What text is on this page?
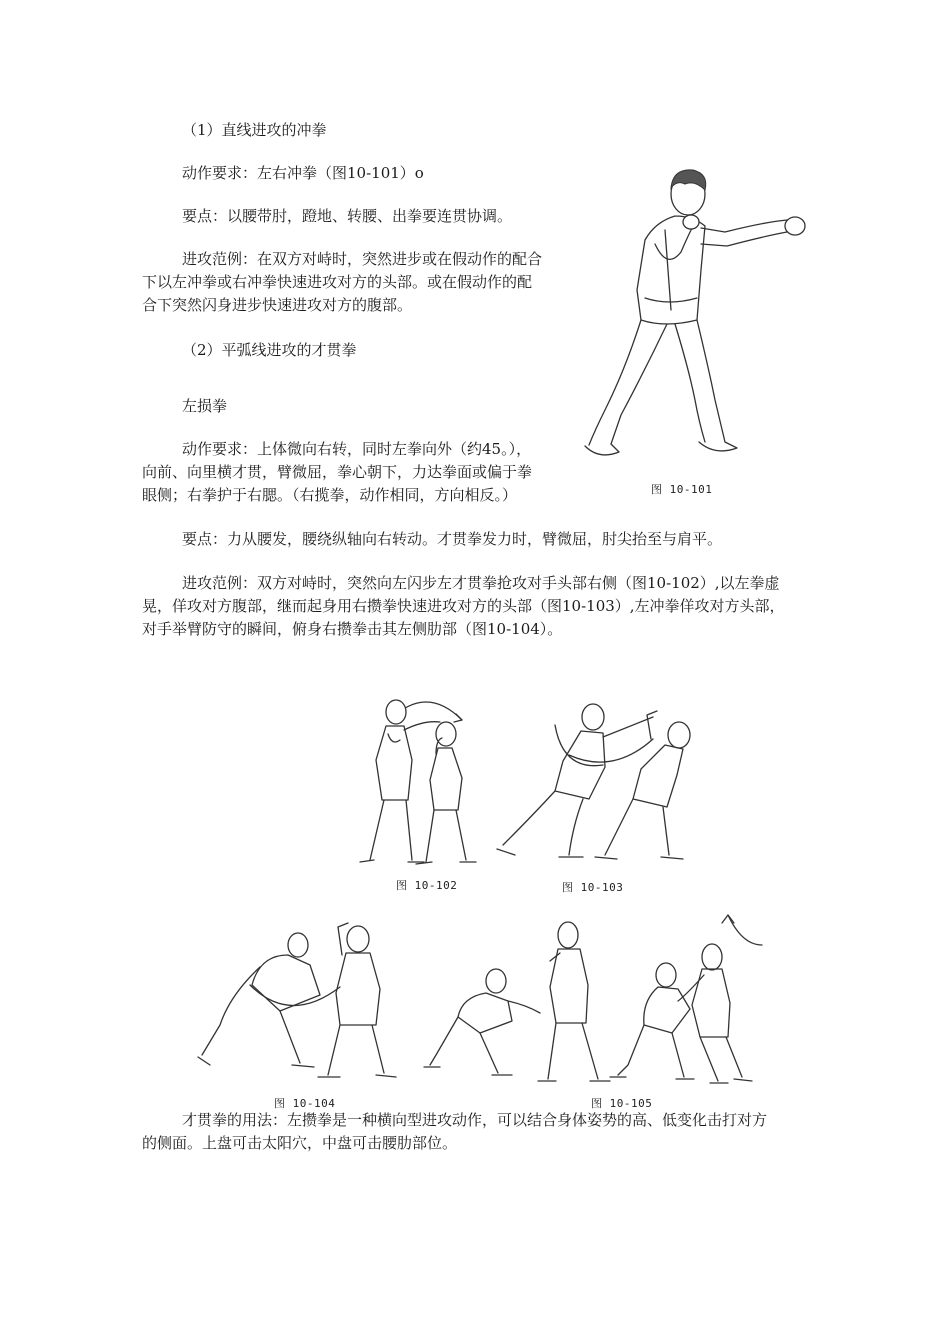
（1）直线进攻的冲拳

动作要求：左右冲拳（图10-101）o

要点：以腰带肘，蹬地、转腰、出拳要连贯协调。

进攻范例：在双方对峙时，突然进步或在假动作的配合

下以左冲拳或右冲拳快速进攻对方的头部。或在假动作的配

合下突然闪身进步快速进攻对方的腹部。

（2）平弧线进攻的才贯拳

左损拳

动作要求：上体微向右转，同时左拳向外（约45。），

向前、向里横才贯，臂微屈，拳心朝下，力达拳面或偏于拳

眼侧；右拳护于右腮。（右揽拳，动作相同，方向相反。）

要点：力从腰发，腰绕纵轴向右转动。才贯拳发力时，臂微屈，肘尖抬至与肩平。

进攻范例：双方对峙时，突然向左闪步左才贯拳抢攻对手头部右侧（图10-102）,以左拳虚

晃，佯攻对方腹部，继而起身用右攒拳快速进攻对方的头部（图10-103）,左冲拳佯攻对方头部，

对手举臂防守的瞬间，俯身右攒拳击其左侧肋部（图10-104）。

才贯拳的用法：左攒拳是一种横向型进攻动作，可以结合身体姿势的高、低变化击打对方

的侧面。上盘可击太阳穴，中盘可击腰肋部位。

图 10-101
图 10-102	图 10-103
图 10-104	图 10-105
